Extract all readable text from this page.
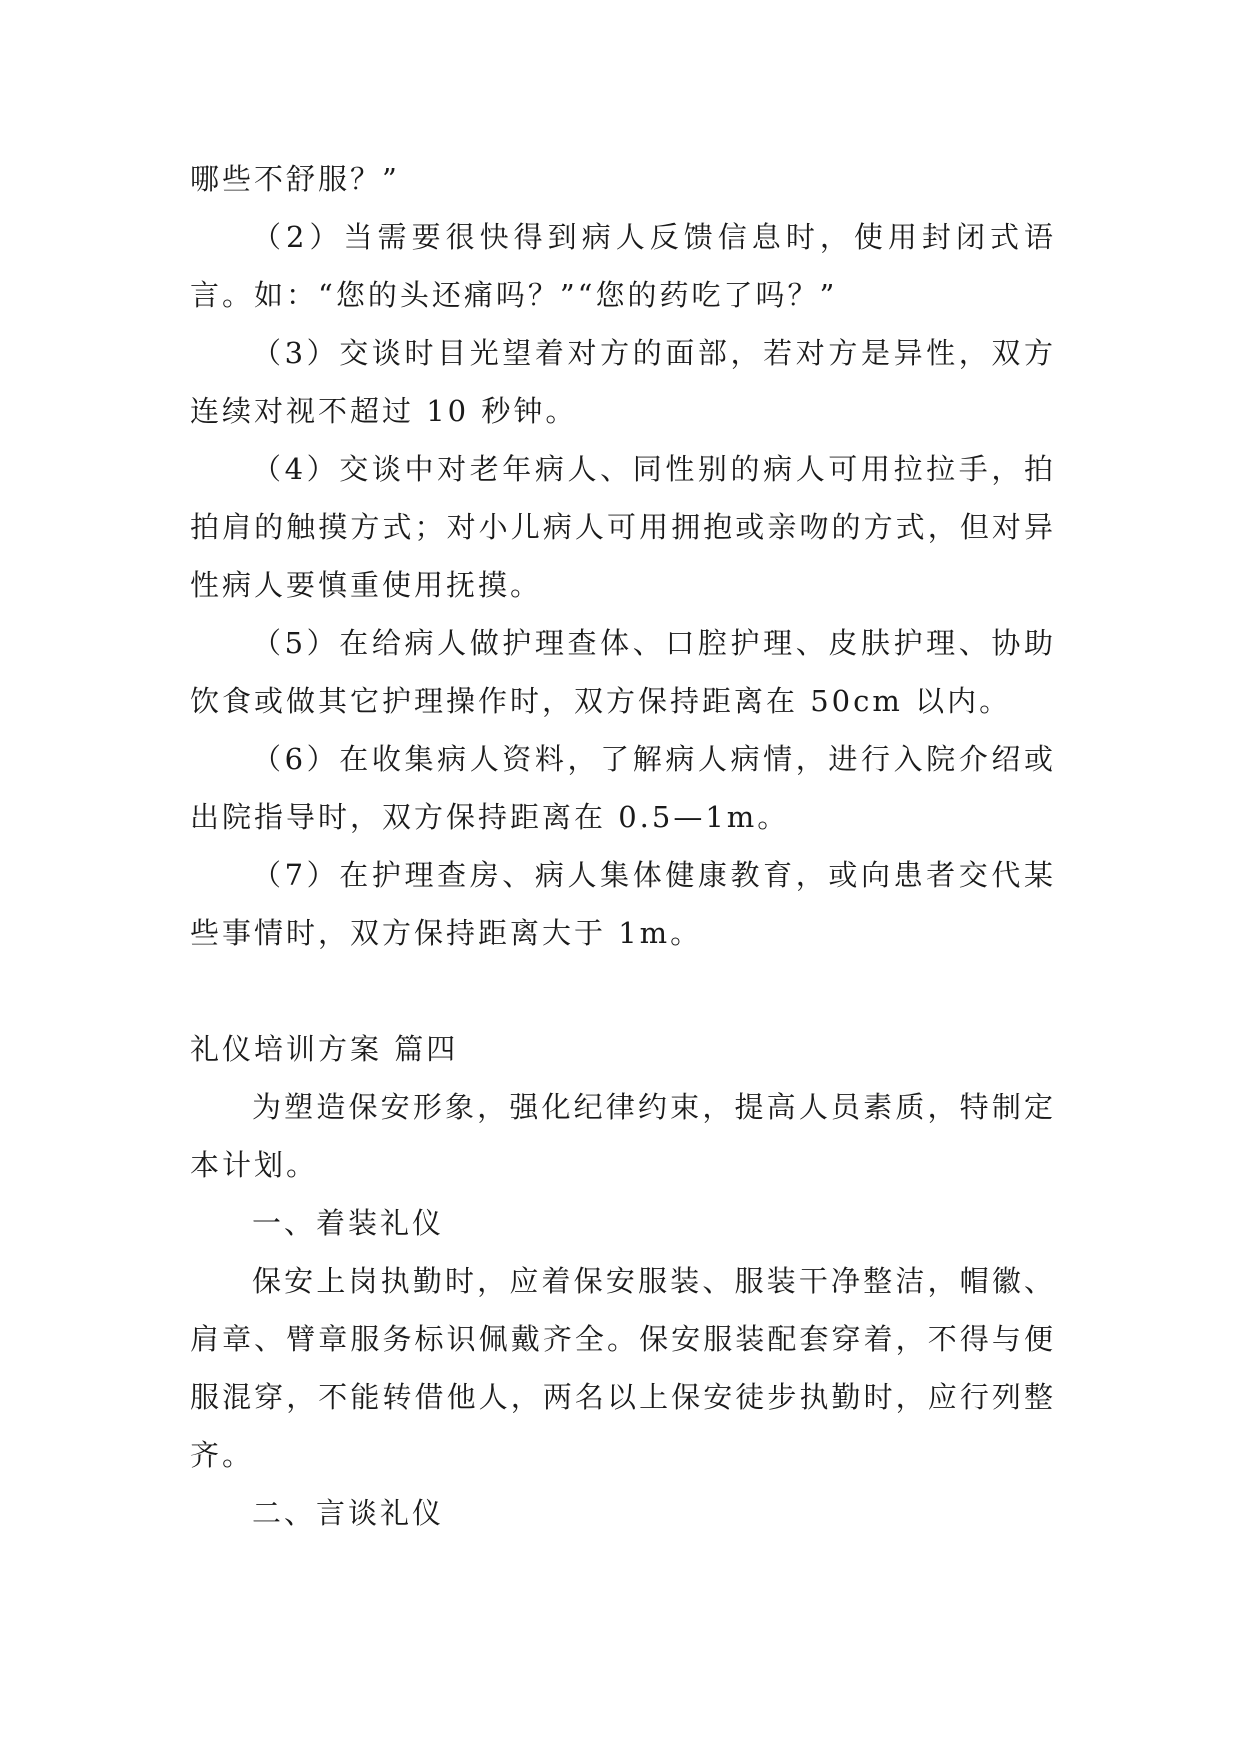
哪些不舒服？”

（2）当需要很快得到病人反馈信息时，使用封闭式语言。如：“您的头还痛吗？”“您的药吃了吗？”

（3）交谈时目光望着对方的面部，若对方是异性，双方连续对视不超过 10 秒钟。

（4）交谈中对老年病人、同性别的病人可用拉拉手，拍拍肩的触摸方式；对小儿病人可用拥抱或亲吻的方式，但对异性病人要慎重使用抚摸。

（5）在给病人做护理查体、口腔护理、皮肤护理、协助饮食或做其它护理操作时，双方保持距离在 50cm 以内。

（6）在收集病人资料，了解病人病情，进行入院介绍或出院指导时，双方保持距离在 0.5—1m。

（7）在护理查房、病人集体健康教育，或向患者交代某些事情时，双方保持距离大于 1m。

礼仪培训方案 篇四

为塑造保安形象，强化纪律约束，提高人员素质，特制定本计划。

一、着装礼仪

保安上岗执勤时，应着保安服装、服装干净整洁，帽徽、肩章、臂章服务标识佩戴齐全。保安服装配套穿着，不得与便服混穿，不能转借他人，两名以上保安徒步执勤时，应行列整齐。

二、言谈礼仪
